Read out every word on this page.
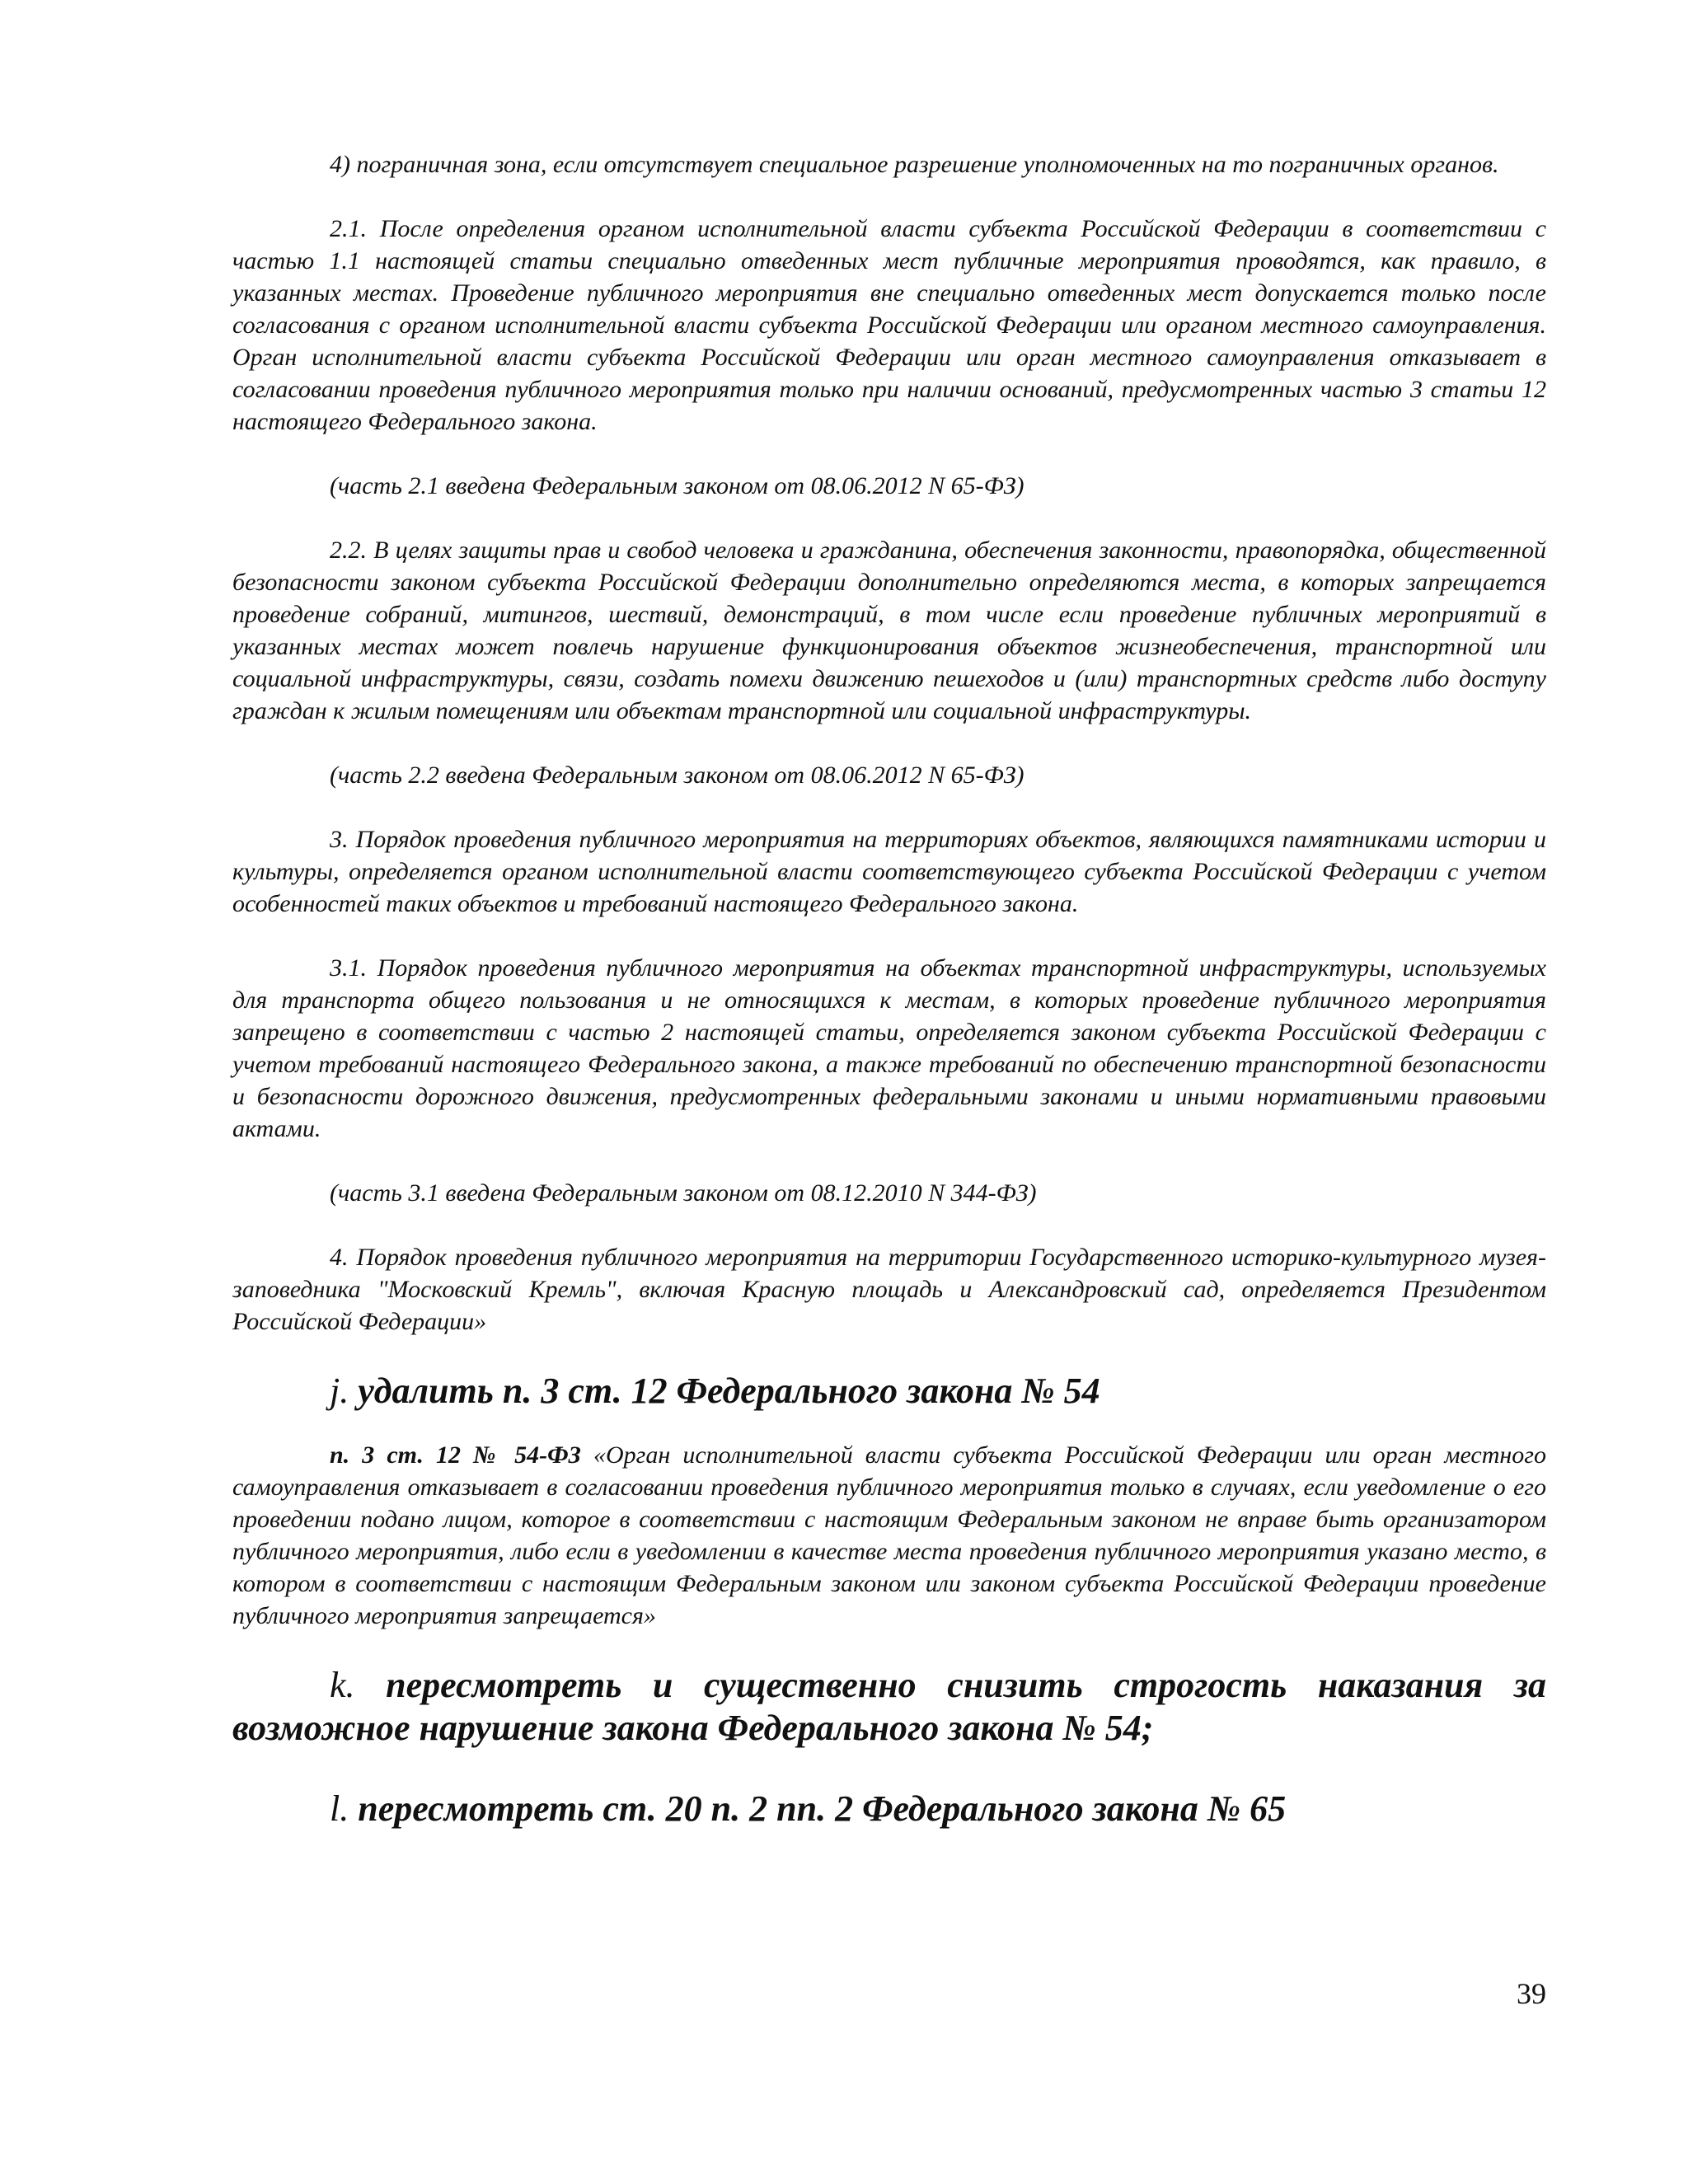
4) пограничная зона, если отсутствует специальное разрешение уполномоченных на то пограничных органов.

2.1. После определения органом исполнительной власти субъекта Российской Федерации в соответствии с частью 1.1 настоящей статьи специально отведенных мест публичные мероприятия проводятся, как правило, в указанных местах. Проведение публичного мероприятия вне специально отведенных мест допускается только после согласования с органом исполнительной власти субъекта Российской Федерации или органом местного самоуправления. Орган исполнительной власти субъекта Российской Федерации или орган местного самоуправления отказывает в согласовании проведения публичного мероприятия только при наличии оснований, предусмотренных частью 3 статьи 12 настоящего Федерального закона.

(часть 2.1 введена Федеральным законом от 08.06.2012 N 65-ФЗ)

2.2. В целях защиты прав и свобод человека и гражданина, обеспечения законности, правопорядка, общественной безопасности законом субъекта Российской Федерации дополнительно определяются места, в которых запрещается проведение собраний, митингов, шествий, демонстраций, в том числе если проведение публичных мероприятий в указанных местах может повлечь нарушение функционирования объектов жизнеобеспечения, транспортной или социальной инфраструктуры, связи, создать помехи движению пешеходов и (или) транспортных средств либо доступу граждан к жилым помещениям или объектам транспортной или социальной инфраструктуры.

(часть 2.2 введена Федеральным законом от 08.06.2012 N 65-ФЗ)

3. Порядок проведения публичного мероприятия на территориях объектов, являющихся памятниками истории и культуры, определяется органом исполнительной власти соответствующего субъекта Российской Федерации с учетом особенностей таких объектов и требований настоящего Федерального закона.

3.1. Порядок проведения публичного мероприятия на объектах транспортной инфраструктуры, используемых для транспорта общего пользования и не относящихся к местам, в которых проведение публичного мероприятия запрещено в соответствии с частью 2 настоящей статьи, определяется законом субъекта Российской Федерации с учетом требований настоящего Федерального закона, а также требований по обеспечению транспортной безопасности и безопасности дорожного движения, предусмотренных федеральными законами и иными нормативными правовыми актами.

(часть 3.1 введена Федеральным законом от 08.12.2010 N 344-ФЗ)

4. Порядок проведения публичного мероприятия на территории Государственного историко-культурного музея-заповедника "Московский Кремль", включая Красную площадь и Александровский сад, определяется Президентом Российской Федерации»

j. удалить п. 3 ст. 12 Федерального закона № 54

п. 3 ст. 12 № 54-ФЗ «Орган исполнительной власти субъекта Российской Федерации или орган местного самоуправления отказывает в согласовании проведения публичного мероприятия только в случаях, если уведомление о его проведении подано лицом, которое в соответствии с настоящим Федеральным законом не вправе быть организатором публичного мероприятия, либо если в уведомлении в качестве места проведения публичного мероприятия указано место, в котором в соответствии с настоящим Федеральным законом или законом субъекта Российской Федерации проведение публичного мероприятия запрещается»

k. пересмотреть и существенно снизить строгость наказания за возможное нарушение закона Федерального закона № 54;

l. пересмотреть ст. 20 п. 2 пп. 2 Федерального закона № 65

39
